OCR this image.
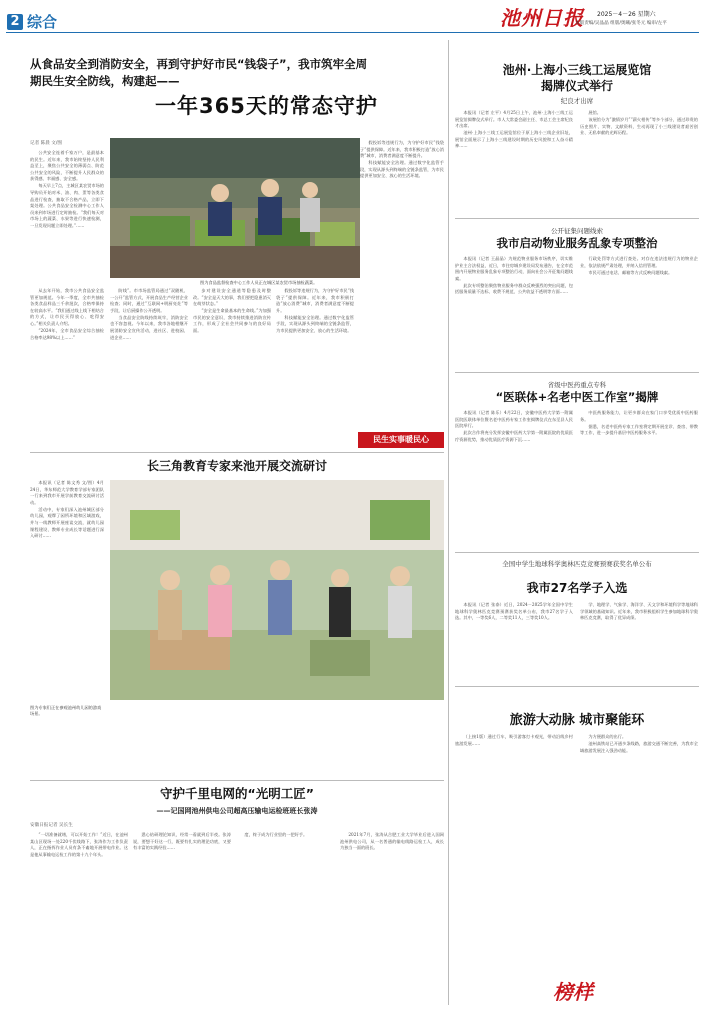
2 综合	池州日报 2025－4－26 星期六
本版责编/吴晶晶 组版/奥曦/张冬元 编审/左平
从食品安全到消防安全，再到守护好市民“钱袋子”，我市筑牢全周
期民生安全防线，构建起——
一年365天的常态守护
图为食品监督检查中心工作人员正在城区某农贸市场抽检蔬菜。
记者 陈晨 文/图

公共安全连着千家万户，是最基本的民生。近年来，我市始终坚持人民利益至上，聚焦公共安全的薄弱点、防范公共安全的风险，不断提升人民群众的获得感、幸福感、安全感。

每天早上7点，主城区某农贸市场的导购员开始对米、油、肉、蛋等各类食品进行检查，抽取不合格产品，立即下架处理。公共食品安全检测中心工作人员来到市场进行定时抽检。“我们每天对市场上的蔬菜、水果等进行快速检测，一旦发现问题立即处理。”……

从去年开始，我市公共食品安全监管更加规范。今年一季度，全市共抽检各类食品样品三千余批次，合格率保持在较高水平。“我们通过线上线下相结合的方式，让市民买得放心、吃得安心。”相关负责人介绍。

“2024年，全市食品安全综合抽检合格率达98%以上……”

防线”。市市场监管局通过“双随机、一公开”监管方式，开展食品生产经营企业检查；同时，通过“互联网+明厨亮灶”等手段，让后厨操作公开透明。

当食品安全防线持续筑牢，消防安全也不容忽视。今年以来，我市各地相继开展消防安全宣传活动，进社区、进校园、进企业……

步对建设安全通道等隐患及时整改。“安全是天大的事，我们要把隐患消灭在萌芽状态。”

“安全是生命最基本的生命线。”为加强市民的安全意识，我市持续推进消防宣传工作，形成了全社会共同参与的良好局面。

假投诉等违规行为，为守护好市民“钱袋子”提供保障。近年来，我市积极打造“放心消费”城市，消费者满意度不断提升。

科技赋能安全治理。通过数字化监管手段，实现从源头到终端的全链条监管，为市民提供更加安全、放心的生活环境。

假投诉等违规行为，为守护好市民“钱袋子”提供保障。近年来，我市积极打造“放心消费”城市，消费者满意度不断提升。

科技赋能安全治理。通过数字化监管手段，实现从源头到终端的全链条监管，为市民提供更加安全、放心的生活环境。

民生实事暖民心
池州·上海小三线工运展览馆
揭牌仪式举行
纪良才出席

本报讯（记者 左平）4月25日上午，池州·上海小三线工运展览馆揭牌仪式举行。市人大常委会副主任、市总工会主席纪良才出席。

池州·上海小三线工运展览馆位于原上海小三线企业旧址，展馆全面展示了上海小三线建设时期的历史风貌和工人奋斗精神……

展馆。

该展馆分为“激情岁月”“薪火相传”等多个部分，通过珍贵的历史照片、实物、文献资料，生动再现了小三线建设者艰苦创业、无私奉献的光辉历程。

公开征集问题线索
我市启动物业服务乱象专项整治

本报讯（记者 王晶晶）为规范物业服务市场秩序，切实维护业主合法权益，近日，市住房城乡建设局发布通告，在全市范围内开展物业服务乱象专项整治行动，面向社会公开征集问题线索。

此次专项整治聚焦物业服务中群众反映强烈的突出问题，包括服务质量不达标、收费不规范、公共收益不透明等方面……

行政处罚等方式进行查处。对存在违法违规行为的物业企业，依法依规严肃处理，并纳入信用管理。

市民可通过电话、邮箱等方式反映问题线索。

省级中医药重点专科
“医联体+名老中医工作室”揭牌

本报讯（记者 陈乐）4月22日，安徽中医药大学第一附属医院医联体单位暨名老中医药专家工作室揭牌仪式在东至县人民医院举行。

此次合作将充分发挥安徽中医药大学第一附属医院的优质医疗资源优势，推动优质医疗资源下沉……

中医药服务能力，让更多群众在家门口享受优质中医药服务。

据悉，名老中医药专家工作室将定期开展坐诊、查房、带教等工作，进一步提升基层中医药服务水平。

全国中学生地球科学奥林匹克竞赛预赛获奖名单公布
我市27名学子入选

本报讯（记者 张泰）近日，2024－2025学年全国中学生地球科学奥林匹克竞赛预赛获奖名单公布，我市27名学子入选。其中，一等奖6人，二等奖11人，三等奖10人。

学、地理学、气象学、海洋学、天文学和环境科学等地球科学领域的基础知识。近年来，我市积极组织学生参加地球科学奥林匹克竞赛，取得了优异成绩。

长三角教育专家来池开展交流研讨

本报讯（记者 陈文秀 文/图）4月24日，华东师范大学教育学部专家团队一行来到我市开展学前教育交流研讨活动。

活动中，专家们深入池州城区部分幼儿园，观摩了园所环境和区域游戏，并与一线教师开展座谈交流，就幼儿园课程建设、教师专业成长等话题进行深入研讨……

图为专家们正在参观池州幼儿园的游戏场景。
守护千里电网的“光明工匠”
——记国网池州供电公司超高压输电运检班班长张涛
安徽日报记者 吴长生

“一切准备就绪，可以开始工作！”近日，在池州某山区现场一处220千伏线路下，张涛作为工作负责人，正在指挥作业人员有条不紊地开展带电作业。这是他从事输电运检工作的第十九个年头。

悉心钻研理论知识，经常一看就到后半夜。张涛说，要想干好这一行，既要有扎实的理论功底，又要有丰富的实践经验……

度，终于成为行业里的一把好手。	2021年7月，张涛从合肥工业大学毕业后进入国网池州供电公司，从一名普通的输电线路运检工人，成长为独当一面的班长。

旅游大动脉 城市聚能环

（上接1版）通过行车，吸引游客打卡观光，带动沿线乡村旅游发展……

为方便群众的出行。

池州高铁站已开通多条线路，旅游交通不断完善，为我市全域旅游发展注入强劲动能。

榜样
